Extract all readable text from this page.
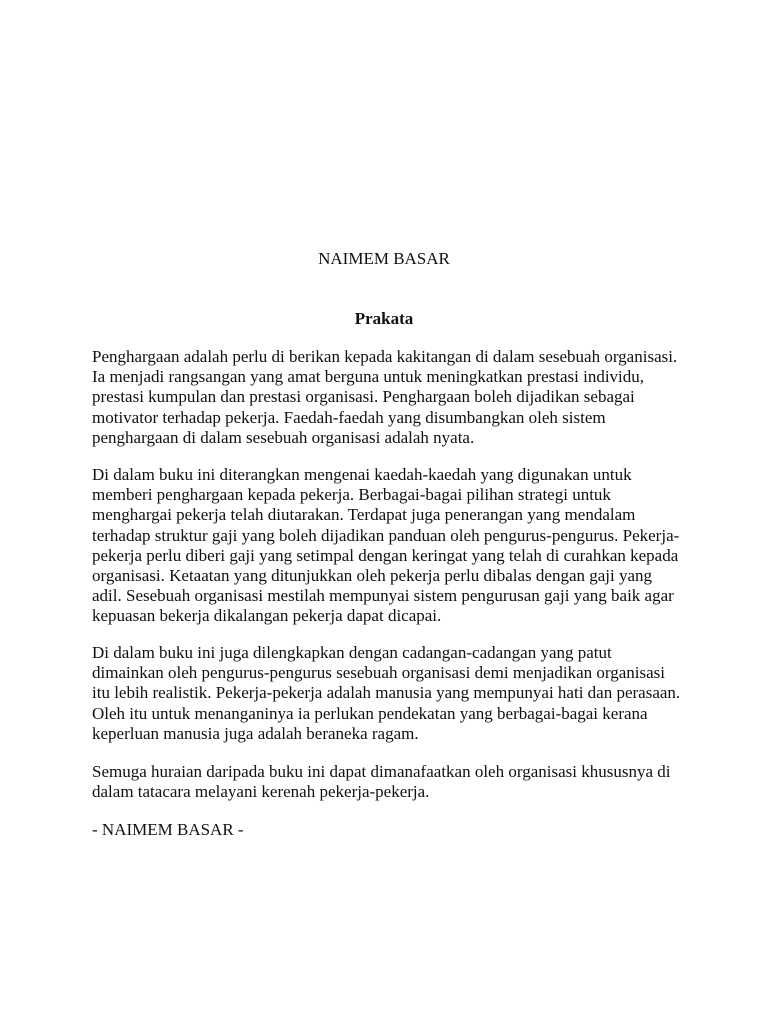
NAIMEM BASAR
Prakata
Penghargaan adalah perlu di berikan kepada kakitangan di dalam sesebuah organisasi.
Ia menjadi rangsangan yang amat berguna untuk meningkatkan prestasi individu,
prestasi kumpulan dan prestasi organisasi. Penghargaan boleh dijadikan sebagai
motivator terhadap pekerja. Faedah-faedah yang disumbangkan oleh sistem
penghargaan di dalam sesebuah organisasi adalah nyata.
Di dalam buku ini diterangkan mengenai kaedah-kaedah yang digunakan untuk
memberi penghargaan kepada pekerja. Berbagai-bagai pilihan strategi untuk
menghargai pekerja telah diutarakan. Terdapat juga penerangan yang mendalam
terhadap struktur gaji yang boleh dijadikan panduan oleh pengurus-pengurus. Pekerja-
pekerja perlu diberi gaji yang setimpal dengan keringat yang telah di curahkan kepada
organisasi. Ketaatan yang ditunjukkan oleh pekerja perlu dibalas dengan gaji yang
adil. Sesebuah organisasi mestilah mempunyai sistem pengurusan gaji yang baik agar
kepuasan bekerja dikalangan pekerja dapat dicapai.
Di dalam buku ini juga dilengkapkan dengan cadangan-cadangan yang patut
dimainkan oleh pengurus-pengurus sesebuah organisasi demi menjadikan organisasi
itu lebih realistik. Pekerja-pekerja adalah manusia yang mempunyai hati dan perasaan.
Oleh itu untuk menanganinya ia perlukan pendekatan yang berbagai-bagai kerana
keperluan manusia juga adalah beraneka ragam.
Semuga huraian daripada buku ini dapat dimanafaatkan oleh organisasi khususnya di
dalam tatacara melayani kerenah pekerja-pekerja.
- NAIMEM BASAR -
